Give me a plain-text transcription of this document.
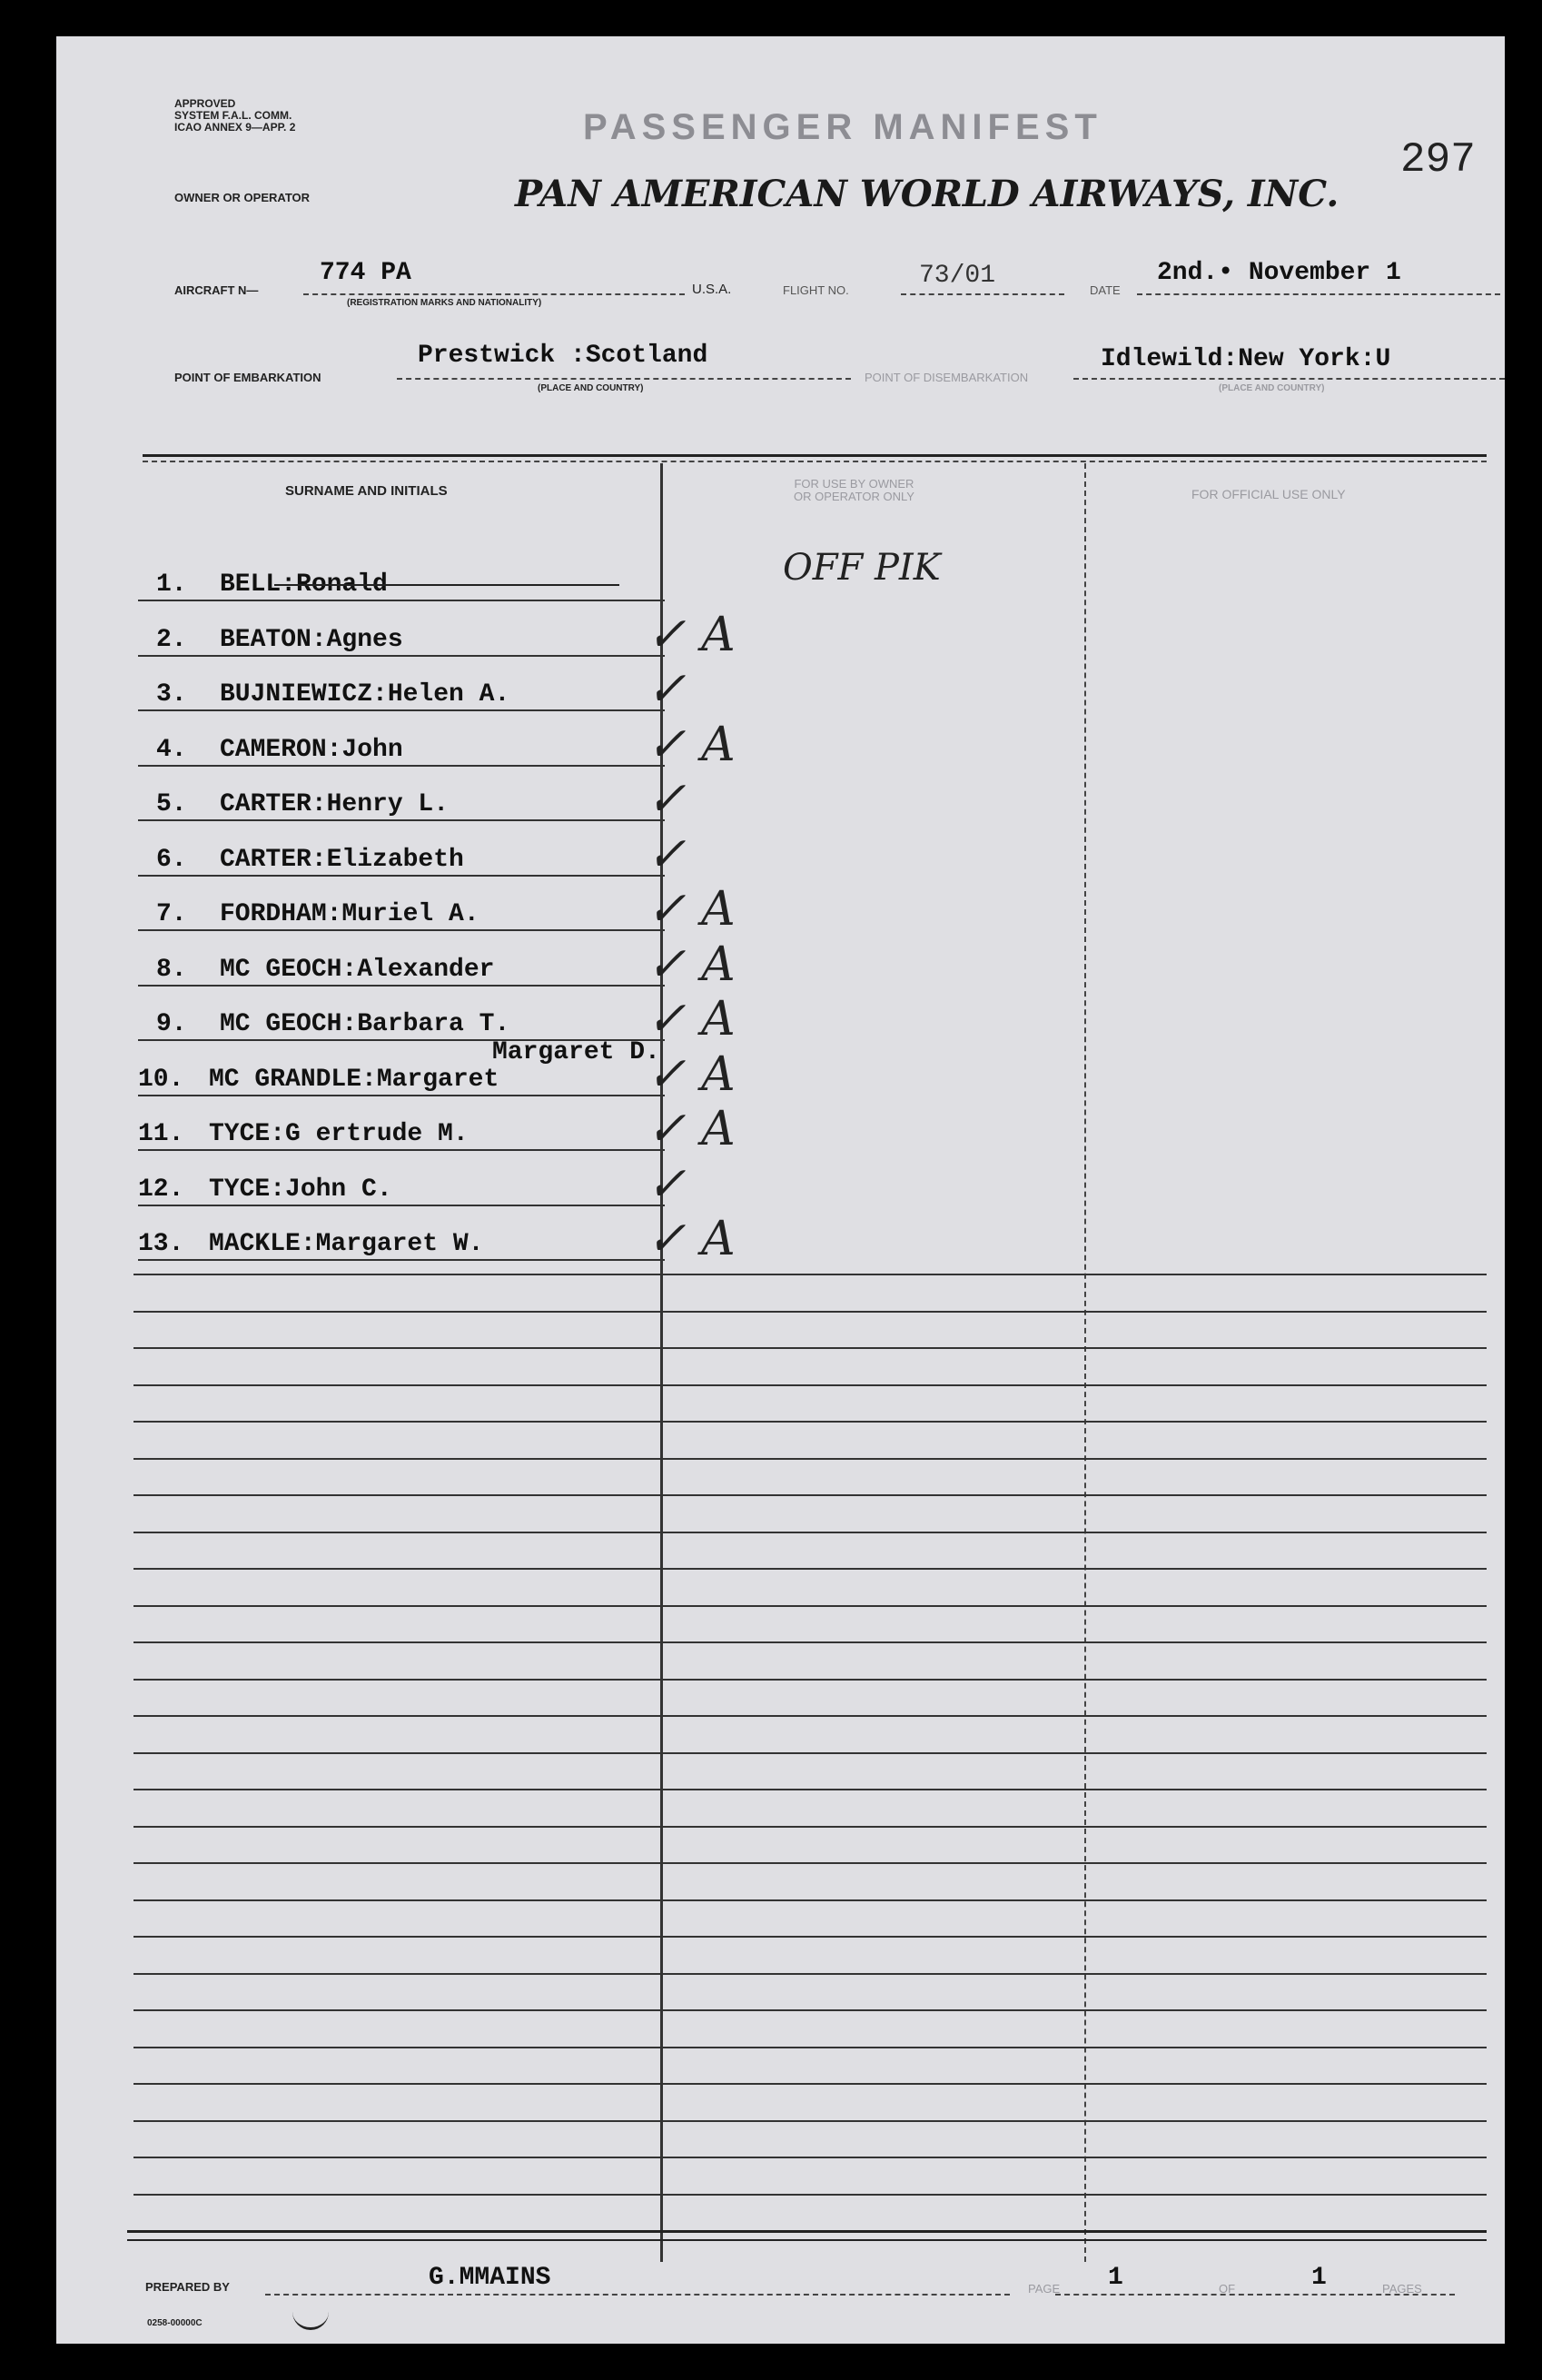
APPROVED
SYSTEM F.A.L. COMM.
ICAO ANNEX 9—APP. 2	PASSENGER MANIFEST
297
OWNER OR OPERATOR	PAN AMERICAN WORLD AIRWAYS, INC.
AIRCRAFT N—
774 PA
(REGISTRATION MARKS AND NATIONALITY)
U.S.A.	FLIGHT NO.
73/01
DATE
2nd.• November 1
POINT OF EMBARKATION
Prestwick :Scotland
(PLACE AND COUNTRY)
POINT OF DISEMBARKATION
Idlewild:New York:U
(PLACE AND COUNTRY)
SURNAME AND INITIALS	FOR USE BY OWNER
OR OPERATOR ONLY	FOR OFFICIAL USE ONLY
1. BELL:Ronald	OFF PIK
2. BEATON:Agnes	✓ A
3. BUJNIEWICZ:Helen A.	✓
4. CAMERON:John	✓ A
5. CARTER:Henry L.	✓
6. CARTER:Elizabeth	✓
7. FORDHAM:Muriel A.	✓ A
8. MC GEOCH:Alexander	✓ A
9. MC GEOCH:Barbara T.	✓ A
10. MC GRANDLE:Margaret	✓ A
Margaret D.
11. TYCE:G ertrude M.	✓ A
12. TYCE:John C.	✓
13. MACKLE:Margaret W.	✓ A
PREPARED BY	G.MMAINS	PAGE 1	OF	1	PAGES
0258-00000C
